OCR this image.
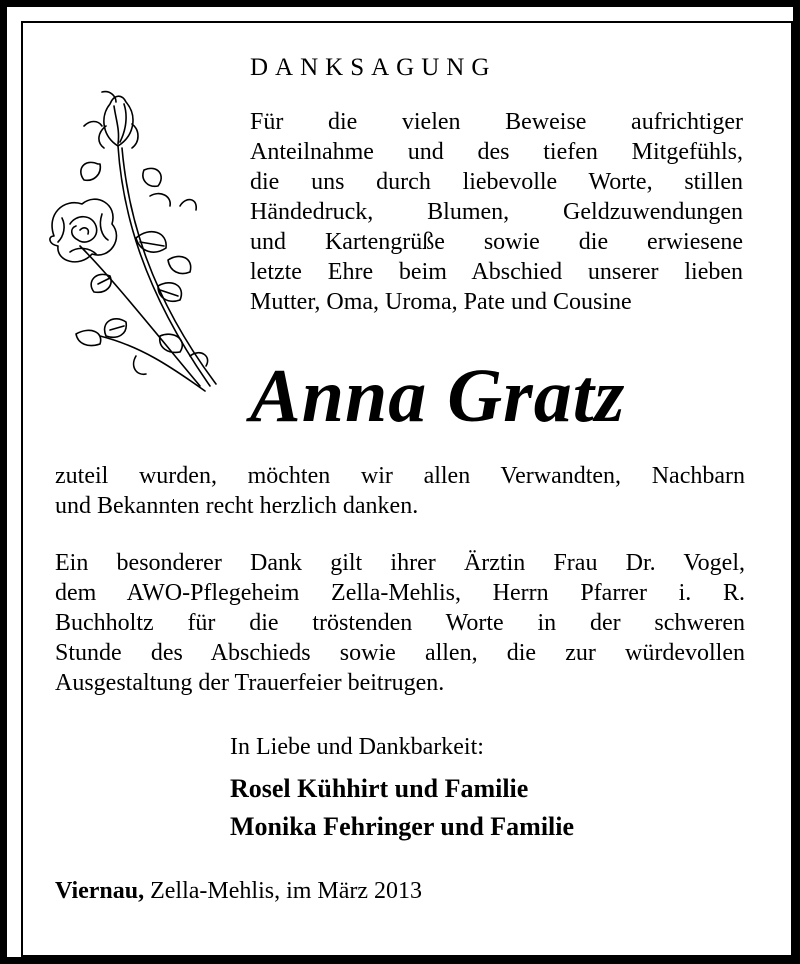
DANKSAGUNG
Für die vielen Beweise aufrichtiger
Anteilnahme und des tiefen Mitgefühls,
die uns durch liebevolle Worte, stillen
Händedruck, Blumen, Geldzuwendungen
und Kartengrüße sowie die erwiesene
letzte Ehre beim Abschied unserer lieben
Mutter, Oma, Uroma, Pate und Cousine
Anna Gratz
zuteil wurden, möchten wir allen Verwandten, Nachbarn
und Bekannten recht herzlich danken.
Ein besonderer Dank gilt ihrer Ärztin Frau Dr. Vogel,
dem AWO-Pflegeheim Zella-Mehlis, Herrn Pfarrer i. R.
Buchholtz für die tröstenden Worte in der schweren
Stunde des Abschieds sowie allen, die zur würdevollen
Ausgestaltung der Trauerfeier beitrugen.
In Liebe und Dankbarkeit:
Rosel Kühhirt und Familie
Monika Fehringer und Familie
Viernau, Zella-Mehlis, im März 2013
